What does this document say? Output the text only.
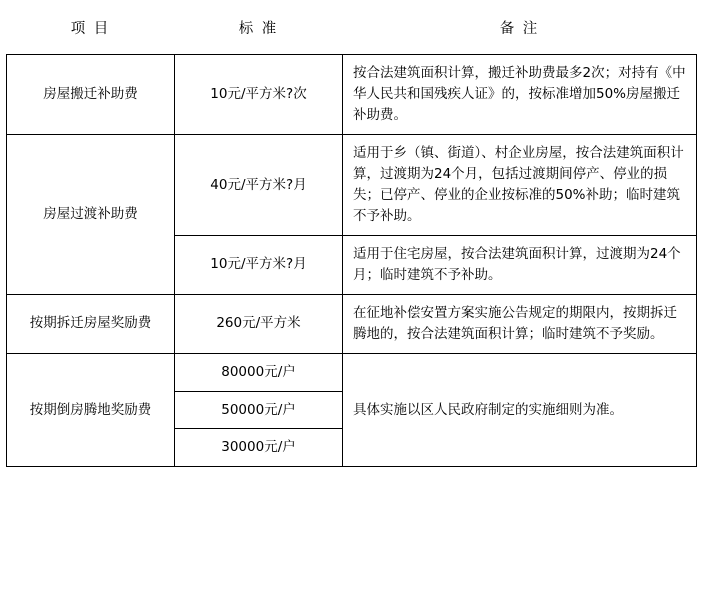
项 目	标 准	备 注
房屋搬迁补助费	10元/平方米?次	按合法建筑面积计算，搬迁补助费最多2次；对持有《中华人民共和国残疾人证》的，按标准增加50%房屋搬迁补助费。
房屋过渡补助费	40元/平方米?月	适用于乡（镇、街道）、村企业房屋，按合法建筑面积计算，过渡期为24个月，包括过渡期间停产、停业的损失；已停产、停业的企业按标准的50%补助；临时建筑不予补助。
	10元/平方米?月	适用于住宅房屋，按合法建筑面积计算，过渡期为24个月；临时建筑不予补助。
按期拆迁房屋奖励费	260元/平方米	在征地补偿安置方案实施公告规定的期限内，按期拆迁腾地的，按合法建筑面积计算；临时建筑不予奖励。
按期倒房腾地奖励费	80000元/户	具体实施以区人民政府制定的实施细则为准。
	50000元/户	
	30000元/户	
